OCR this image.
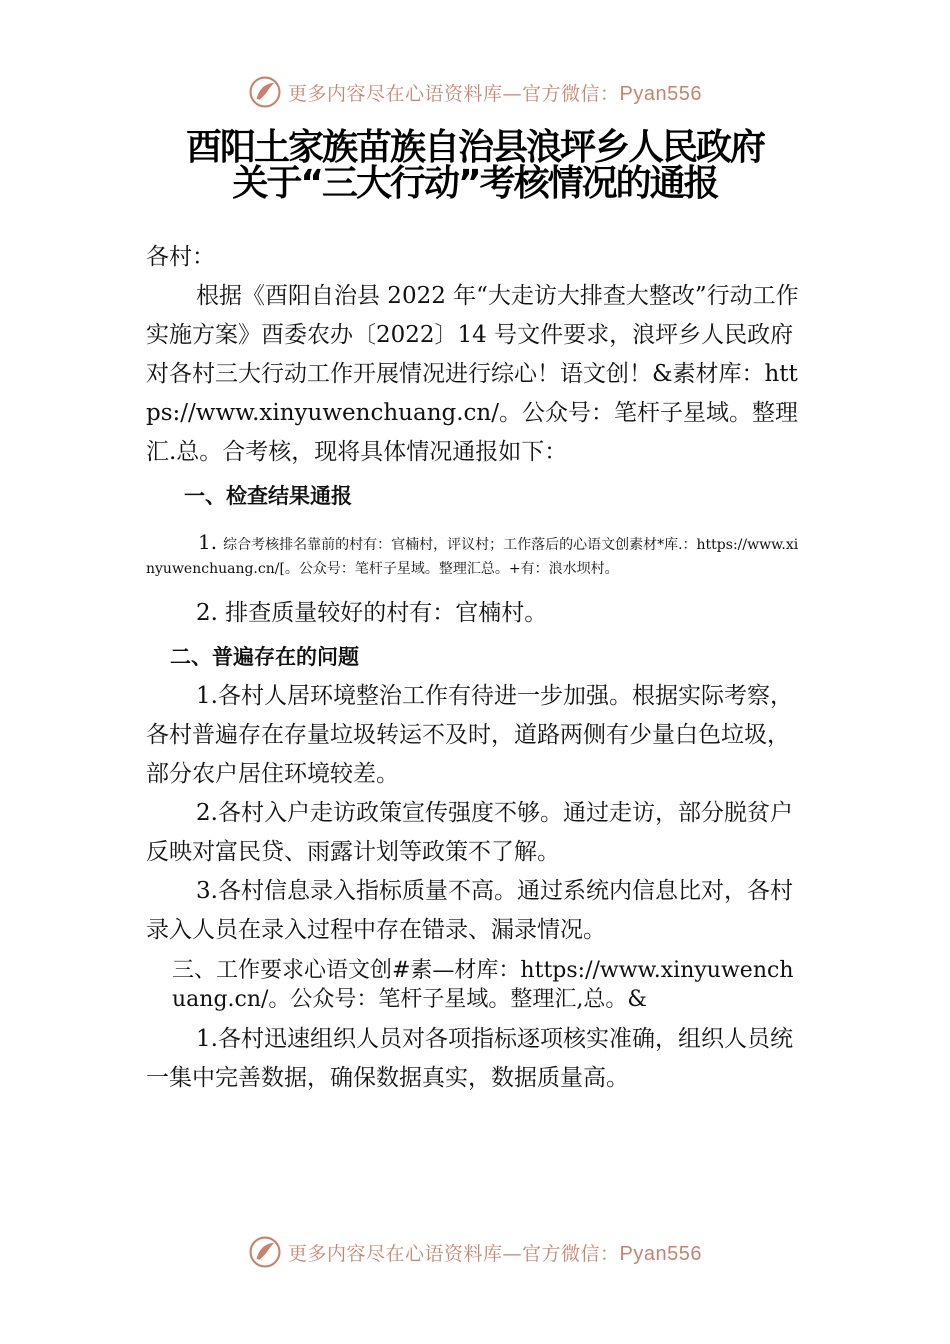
更多内容尽在心语资料库—官方微信：Pyan556
酉阳土家族苗族自治县浪坪乡人民政府
关于“三大行动”考核情况的通报

各村：

根据《酉阳自治县 2022 年“大走访大排查大整改”行动工作实施方案》酉委农办〔2022〕14 号文件要求，浪坪乡人民政府对各村三大行动工作开展情况进行综心！语文创！&素材库：https://www.xinyuwenchuang.cn/。公众号：笔杆子星域。整理汇.总。合考核，现将具体情况通报如下：

一、检查结果通报
1. 综合考核排名靠前的村有：官楠村，评议村；工作落后的心语文创素材*库.：https://www.xinyuwenchuang.cn/[。公众号：笔杆子星域。整理汇总。+有：浪水坝村。
2. 排查质量较好的村有：官楠村。
二、普遍存在的问题

1.各村人居环境整治工作有待进一步加强。根据实际考察，各村普遍存在存量垃圾转运不及时，道路两侧有少量白色垃圾，部分农户居住环境较差。

2.各村入户走访政策宣传强度不够。通过走访，部分脱贫户反映对富民贷、雨露计划等政策不了解。

3.各村信息录入指标质量不高。通过系统内信息比对，各村录入人员在录入过程中存在错录、漏录情况。

三、工作要求心语文创#素—材库：https://www.xinyuwenchuang.cn/。公众号：笔杆子星域。整理汇,总。&

1.各村迅速组织人员对各项指标逐项核实准确，组织人员统一集中完善数据，确保数据真实，数据质量高。

更多内容尽在心语资料库—官方微信：Pyan556
